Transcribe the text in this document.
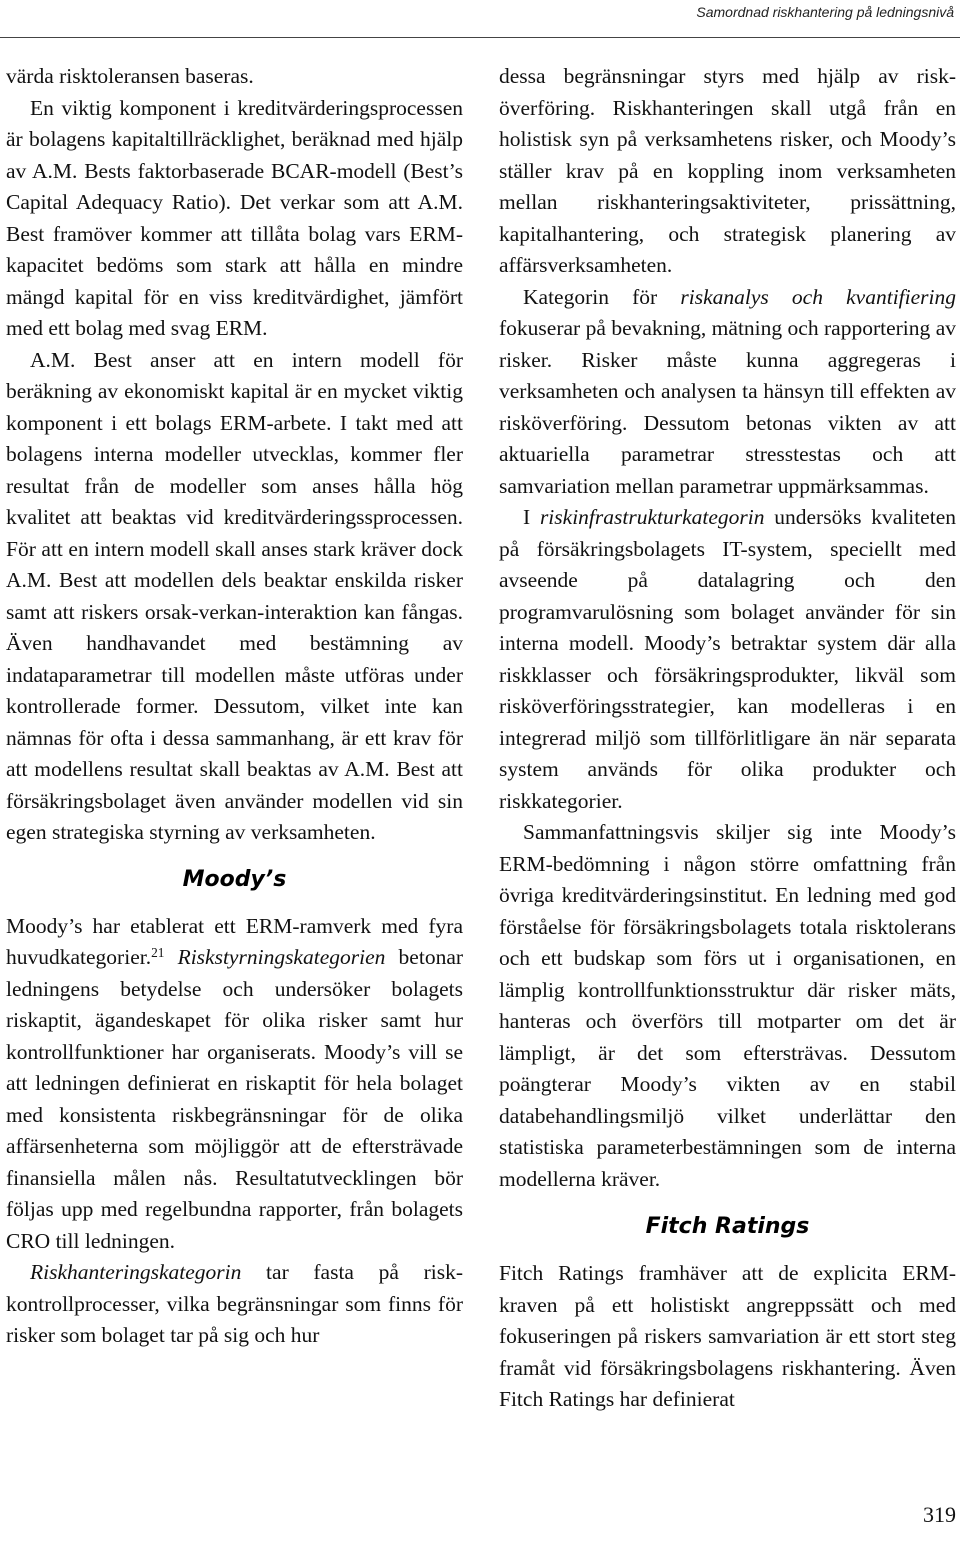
Samordnad riskhantering på ledningsnivå

värda risktoleransen baseras.

En viktig komponent i kreditvärderingsprocessen är bolagens kapitaltillräcklighet, beräknad med hjälp av A.M. Bests faktorbaserade BCAR-modell (Best’s Capital Adequacy Ratio). Det verkar som att A.M. Best framöver kommer att tillåta bolag vars ERM-kapacitet bedöms som stark att hålla en mindre mängd kapital för en viss kreditvärdighet, jämfört med ett bolag med svag ERM.

A.M. Best anser att en intern modell för beräkning av ekonomiskt kapital är en mycket viktig komponent i ett bolags ERM-arbete. I takt med att bolagens interna modeller utvecklas, kommer fler resultat från de modeller som anses hålla hög kvalitet att beaktas vid kreditvärderingssprocessen. För att en intern modell skall anses stark kräver dock A.M. Best att modellen dels beaktar enskilda risker samt att riskers orsak-verkan-interaktion kan fångas. Även handhavandet med bestämning av indataparametrar till modellen måste utföras under kontrollerade former. Dessutom, vilket inte kan nämnas för ofta i dessa sammanhang, är ett krav för att modellens resultat skall beaktas av A.M. Best att försäkringsbolaget även använder modellen vid sin egen strategiska styrning av verksamheten.

Moody’s

Moody’s har etablerat ett ERM-ramverk med fyra huvudkategorier.$^{21}$ Riskstyrningskategorien betonar ledningens betydelse och undersöker bolagets riskaptit, ägandeskapet för olika risker samt hur kontrollfunktioner har organiserats. Moody’s vill se att ledningen definierat en riskaptit för hela bolaget med konsistenta riskbegränsningar för de olika affärsenheterna som möjliggör att de eftersträvade finansiella målen nås. Resultatutvecklingen bör följas upp med regelbundna rapporter, från bolagets CRO till ledningen.

Riskhanteringskategorin tar fasta på riskkontrollprocesser, vilka begränsningar som finns för risker som bolaget tar på sig och hur

dessa begränsningar styrs med hjälp av risköverföring. Riskhanteringen skall utgå från en holistisk syn på verksamhetens risker, och Moody’s ställer krav på en koppling inom verksamheten mellan riskhanteringsaktiviteter, prissättning, kapitalhantering, och strategisk planering av affärsverksamheten.

Kategorin för riskanalys och kvantifiering fokuserar på bevakning, mätning och rapportering av risker. Risker måste kunna aggregeras i verksamheten och analysen ta hänsyn till effekten av risköverföring. Dessutom betonas vikten av att aktuariella parametrar stresstestas och att samvariation mellan parametrar uppmärksammas.

I riskinfrastrukturkategorin undersöks kvaliteten på försäkringsbolagets IT-system, speciellt med avseende på datalagring och den programvarulösning som bolaget använder för sin interna modell. Moody’s betraktar system där alla riskklasser och försäkringsprodukter, likväl som risköverföringsstrategier, kan modelleras i en integrerad miljö som tillförlitligare än när separata system används för olika produkter och riskkategorier.

Sammanfattningsvis skiljer sig inte Moody’s ERM-bedömning i någon större omfattning från övriga kreditvärderingsinstitut. En ledning med god förståelse för försäkringsbolagets totala risktolerans och ett budskap som förs ut i organisationen, en lämplig kontrollfunktionsstruktur där risker mäts, hanteras och överförs till motparter om det är lämpligt, är det som eftersträvas. Dessutom poängterar Moody’s vikten av en stabil databehandlingsmiljö vilket underlättar den statistiska parameterbestämningen som de interna modellerna kräver.

Fitch Ratings

Fitch Ratings framhäver att de explicita ERM-kraven på ett holistiskt angreppssätt och med fokuseringen på riskers samvariation är ett stort steg framåt vid försäkringsbolagens riskhantering. Även Fitch Ratings har definierat

319
